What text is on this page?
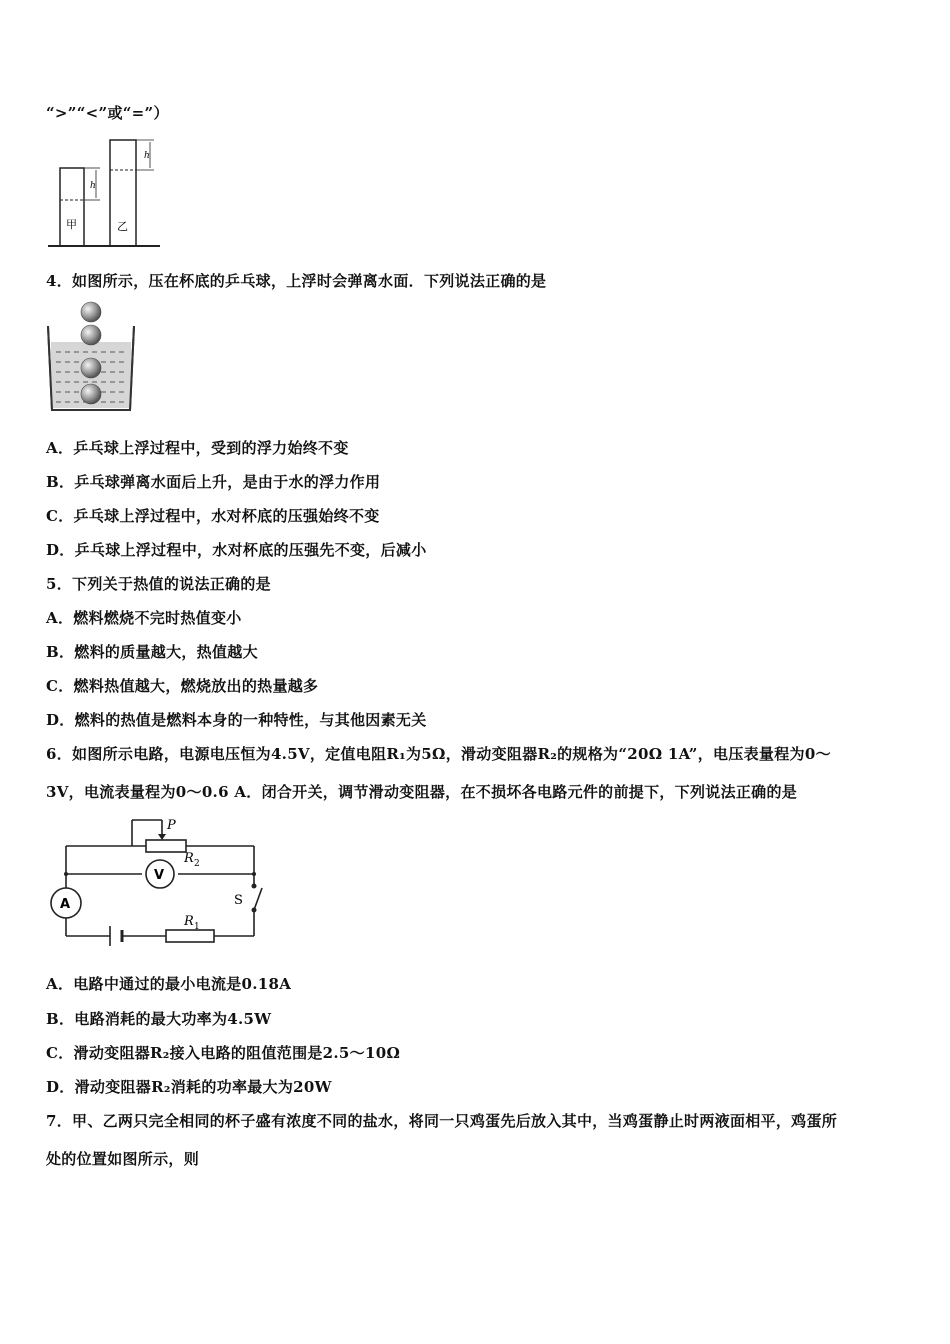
“>”“<”或“=”）
h
甲
h
乙
4．如图所示，压在杯底的乒乓球，上浮时会弹离水面．下列说法正确的是
A．乒乓球上浮过程中，受到的浮力始终不变
B．乒乓球弹离水面后上升，是由于水的浮力作用
C．乒乓球上浮过程中，水对杯底的压强始终不变
D．乒乓球上浮过程中，水对杯底的压强先不变，后减小
5．下列关于热值的说法正确的是
A．燃料燃烧不完时热值变小
B．燃料的质量越大，热值越大
C．燃料热值越大，燃烧放出的热量越多
D．燃料的热值是燃料本身的一种特性，与其他因素无关
6．如图所示电路，电源电压恒为4.5V，定值电阻R₁为5Ω，滑动变阻器R₂的规格为“20Ω 1A”，电压表量程为0～
3V，电流表量程为0～0.6 A．闭合开关，调节滑动变阻器，在不损坏各电路元件的前提下，下列说法正确的是
P
R 2
R 1
V
A	S
A．电路中通过的最小电流是0.18A
B．电路消耗的最大功率为4.5W
C．滑动变阻器R₂接入电路的阻值范围是2.5～10Ω
D．滑动变阻器R₂消耗的功率最大为20W
7．甲、乙两只完全相同的杯子盛有浓度不同的盐水，将同一只鸡蛋先后放入其中，当鸡蛋静止时两液面相平，鸡蛋所
处的位置如图所示，则
